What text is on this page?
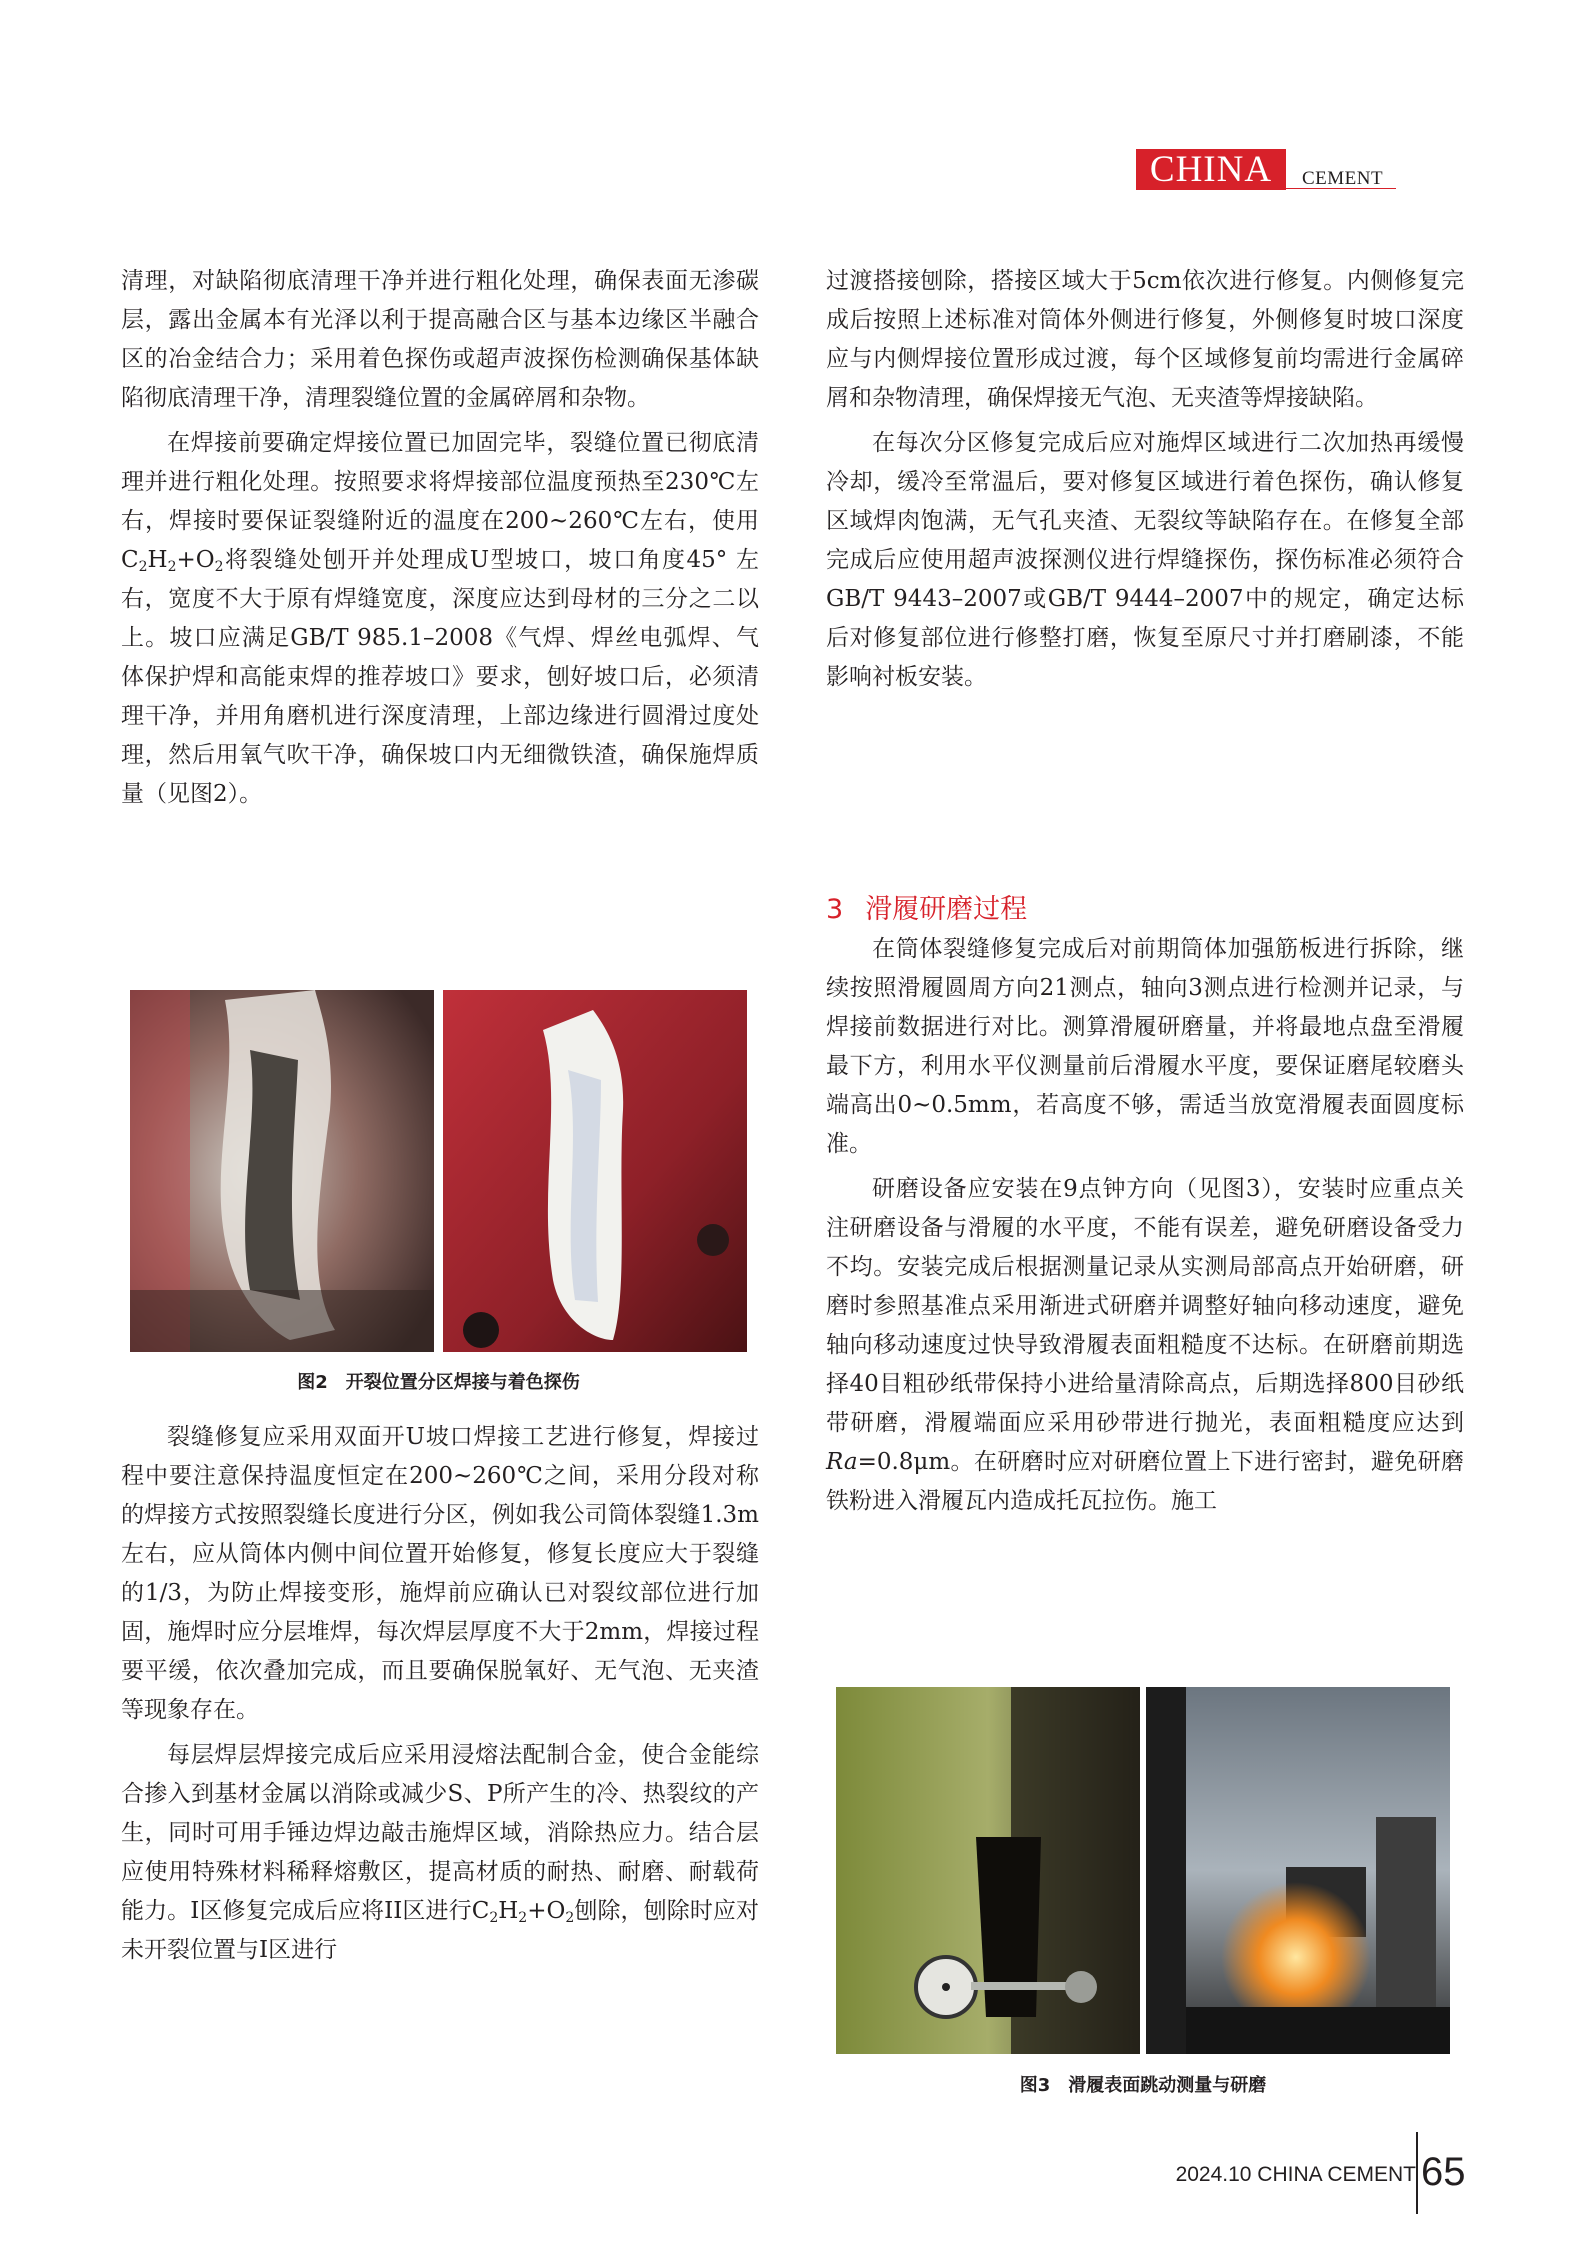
CHINA	CEMENT

清理，对缺陷彻底清理干净并进行粗化处理，确保表面无渗碳层，露出金属本有光泽以利于提高融合区与基本边缘区半融合区的冶金结合力；采用着色探伤或超声波探伤检测确保基体缺陷彻底清理干净，清理裂缝位置的金属碎屑和杂物。

在焊接前要确定焊接位置已加固完毕，裂缝位置已彻底清理并进行粗化处理。按照要求将焊接部位温度预热至230℃左右，焊接时要保证裂缝附近的温度在200~260℃左右，使用$C_2H_2+O_2$将裂缝处刨开并处理成U型坡口，坡口角度45° 左右，宽度不大于原有焊缝宽度，深度应达到母材的三分之二以上。坡口应满足GB/T 985.1–2008《气焊、焊丝电弧焊、气体保护焊和高能束焊的推荐坡口》要求，刨好坡口后，必须清理干净，并用角磨机进行深度清理，上部边缘进行圆滑过度处理，然后用氧气吹干净，确保坡口内无细微铁渣，确保施焊质量（见图2）。

图2　开裂位置分区焊接与着色探伤

裂缝修复应采用双面开U坡口焊接工艺进行修复，焊接过程中要注意保持温度恒定在200~260℃之间，采用分段对称的焊接方式按照裂缝长度进行分区，例如我公司筒体裂缝1.3m左右，应从筒体内侧中间位置开始修复，修复长度应大于裂缝的1/3，为防止焊接变形，施焊前应确认已对裂纹部位进行加固，施焊时应分层堆焊，每次焊层厚度不大于2mm，焊接过程要平缓，依次叠加完成，而且要确保脱氧好、无气泡、无夹渣等现象存在。

每层焊层焊接完成后应采用浸熔法配制合金，使合金能综合掺入到基材金属以消除或减少S、P所产生的冷、热裂纹的产生，同时可用手锤边焊边敲击施焊区域，消除热应力。结合层应使用特殊材料稀释熔敷区，提高材质的耐热、耐磨、耐载荷能力。I区修复完成后应将II区进行$C_2H_2+O_2$刨除，刨除时应对未开裂位置与I区进行

过渡搭接刨除，搭接区域大于5cm依次进行修复。内侧修复完成后按照上述标准对筒体外侧进行修复，外侧修复时坡口深度应与内侧焊接位置形成过渡，每个区域修复前均需进行金属碎屑和杂物清理，确保焊接无气泡、无夹渣等焊接缺陷。

在每次分区修复完成后应对施焊区域进行二次加热再缓慢冷却，缓冷至常温后，要对修复区域进行着色探伤，确认修复区域焊肉饱满，无气孔夹渣、无裂纹等缺陷存在。在修复全部完成后应使用超声波探测仪进行焊缝探伤，探伤标准必须符合GB/T 9443–2007或GB/T 9444–2007中的规定，确定达标后对修复部位进行修整打磨，恢复至原尺寸并打磨刷漆，不能影响衬板安装。

3 滑履研磨过程

在筒体裂缝修复完成后对前期筒体加强筋板进行拆除，继续按照滑履圆周方向21测点，轴向3测点进行检测并记录，与焊接前数据进行对比。测算滑履研磨量，并将最地点盘至滑履最下方，利用水平仪测量前后滑履水平度，要保证磨尾较磨头端高出0~0.5mm，若高度不够，需适当放宽滑履表面圆度标准。

研磨设备应安装在9点钟方向（见图3），安装时应重点关注研磨设备与滑履的水平度，不能有误差，避免研磨设备受力不均。安装完成后根据测量记录从实测局部高点开始研磨，研磨时参照基准点采用渐进式研磨并调整好轴向移动速度，避免轴向移动速度过快导致滑履表面粗糙度不达标。在研磨前期选择40目粗砂纸带保持小进给量清除高点，后期选择800目砂纸带研磨，滑履端面应采用砂带进行抛光，表面粗糙度应达到Ra=0.8μm。在研磨时应对研磨位置上下进行密封，避免研磨铁粉进入滑履瓦内造成托瓦拉伤。施工

图3　滑履表面跳动测量与研磨
2024.10 CHINA CEMENT 65
